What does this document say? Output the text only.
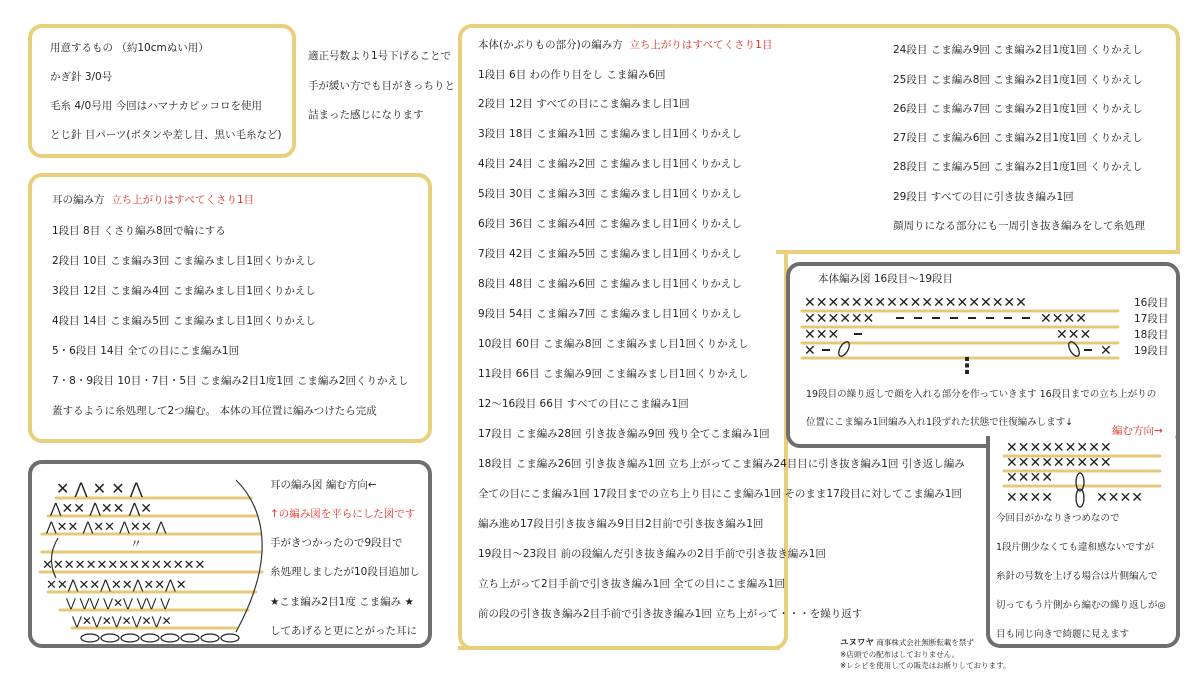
用意するもの （約10cmぬい用）
かぎ針 3/0号
毛糸 4/0号用 今回はハマナカピッコロを使用
とじ針 目パーツ(ボタンや差し目、黒い毛糸など)
適正号数より1号下げることで
手が緩い方でも目がきっちりと
詰まった感じになります
耳の編み方 立ち上がりはすべてくさり1目
1段目 8目 くさり編み8回で輪にする
2段目 10目 こま編み3回 こま編みまし目1回くりかえし
3段目 12目 こま編み4回 こま編みまし目1回くりかえし
4段目 14目 こま編み5回 こま編みまし目1回くりかえし
5・6段目 14目 全ての目にこま編み1回
7・8・9段目 10目・7目・5目 こま編み2目1度1回 こま編み2回くりかえし
蓋するように糸処理して2つ編む。 本体の耳位置に編みつけたら完成
✕ ⋀ ✕ ✕ ⋀
⋀✕✕ ⋀✕✕ ⋀✕
⋀✕✕ ⋀✕✕ ⋀✕✕ ⋀
〃
✕✕✕✕✕✕✕✕✕✕✕✕✕✕✕
✕✕⋀✕✕⋀✕✕⋀✕✕⋀✕
⋁ ⋁⋁ ⋁✕⋁ ⋁⋁ ⋁
⋁✕⋁✕⋁✕⋁✕⋁✕
耳の編み図 編む方向←
↑の編み図を平らにした図です
手がきつかったので9段目で
糸処理しましたが10段目追加し
★こま編み2目1度 こま編み ★
してあげると更にとがった耳に
本体(かぶりもの部分)の編み方 立ち上がりはすべてくさり1目
1段目 6目 わの作り目をし こま編み6回
2段目 12目 すべての目にこま編みまし目1回
3段目 18目 こま編み1回 こま編みまし目1回くりかえし
4段目 24目 こま編み2回 こま編みまし目1回くりかえし
5段目 30目 こま編み3回 こま編みまし目1回くりかえし
6段目 36目 こま編み4回 こま編みまし目1回くりかえし
7段目 42目 こま編み5回 こま編みまし目1回くりかえし
8段目 48目 こま編み6回 こま編みまし目1回くりかえし
9段目 54目 こま編み7回 こま編みまし目1回くりかえし
10段目 60目 こま編み8回 こま編みまし目1回くりかえし
11段目 66目 こま編み9回 こま編みまし目1回くりかえし
12～16段目 66目 すべての目にこま編み1回
17段目 こま編み28回 引き抜き編み9回 残り全てこま編み1回
18段目 こま編み26回 引き抜き編み1回 立ち上がってこま編み24目目に引き抜き編み1回 引き返し編み
全ての目にこま編み1回 17段目までの立ち上り目にこま編み1回 そのまま17段目に対してこま編み1回
編み進め17段目引き抜き編み9目目2目前で引き抜き編み1回
19段目～23段目 前の段編んだ引き抜き編みの2目手前で引き抜き編み1回
立ち上がって2目手前で引き抜き編み1回 全ての目にこま編み1回
前の段の引き抜き編み2目手前で引き抜き編み1回 立ち上がって・・・を繰り返す
24段目 こま編み9回 こま編み2目1度1回 くりかえし
25段目 こま編み8回 こま編み2目1度1回 くりかえし
26段目 こま編み7回 こま編み2目1度1回 くりかえし
27段目 こま編み6回 こま編み2目1度1回 くりかえし
28段目 こま編み5回 こま編み2目1度1回 くりかえし
29段目 すべての目に引き抜き編み1回
顔周りになる部分にも一周引き抜き編みをして糸処理
本体編み図 16段目～19段目
✕✕✕✕✕✕✕✕✕✕✕✕✕✕✕✕✕✕✕
✕✕✕✕✕✕	✕✕✕✕
✕✕✕	✕✕✕
✕	✕
16段目
17段目
18段目
19段目
⋮
19段目の繰り返しで顔を入れる部分を作っていきます 16段目までの立ち上がりの
位置にこま編み1回編み入れ1段ずれた状態で往復編みします↓
編む方向→
✕✕✕✕✕✕✕✕✕
✕✕✕✕✕✕✕✕✕
✕✕✕✕
✕✕✕✕	✕✕✕✕
今回目がかなりきつめなので
1段片側少なくても違和感ないですが
糸針の号数を上げる場合は片側編んで
切ってもう片側から編むの繰り返しが◎
目も同じ向きで綺麗に見えます
ユヌワヤ 商事株式会社無断転載を禁ず
※店頭での配布はしておりません。
※レシピを使用しての販売はお断りしております。
